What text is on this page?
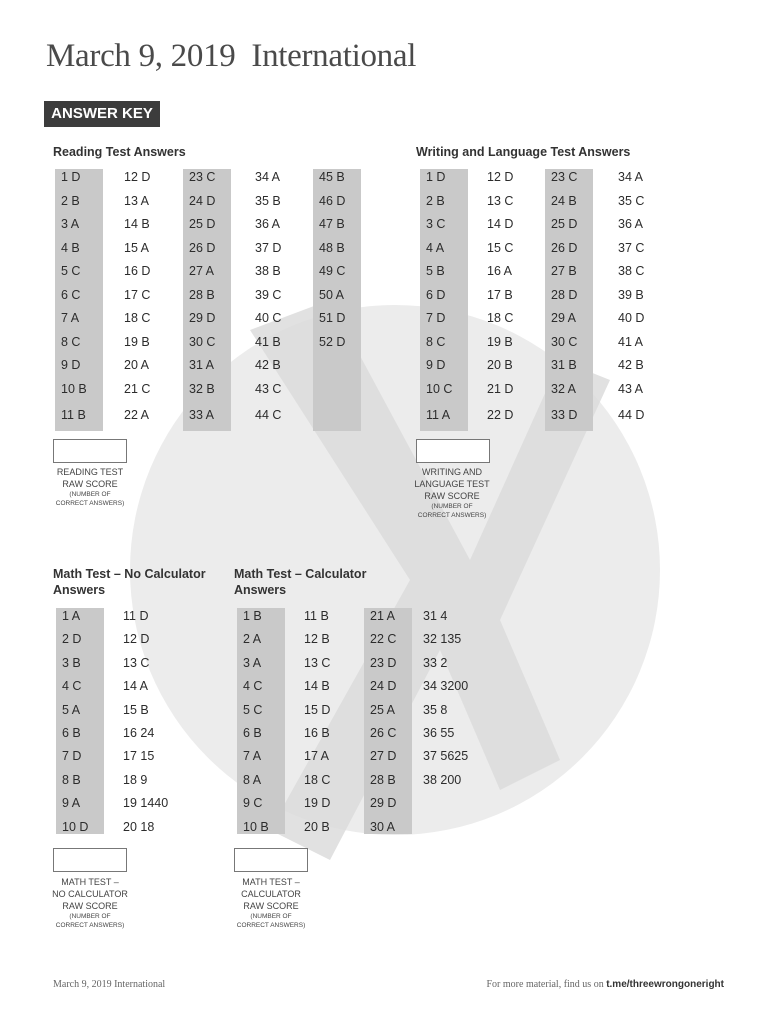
March 9, 2019  International
ANSWER KEY
Reading Test Answers
1 D
2 B
3 A
4 B
5 C
6 C
7 A
8 C
9 D
10 B
11 B
12 D
13 A
14 B
15 A
16 D
17 C
18 C
19 B
20 A
21 C
22 A
23 C
24 D
25 D
26 D
27 A
28 B
29 D
30 C
31 A
32 B
33 A
34 A
35 B
36 A
37 D
38 B
39 C
40 C
41 B
42 B
43 C
44 C
45 B
46 D
47 B
48 B
49 C
50 A
51 D
52 D
Writing and Language Test Answers
1 D
2 B
3 C
4 A
5 B
6 D
7 D
8 C
9 D
10 C
11 A
12 D
13 C
14 D
15 C
16 A
17 B
18 C
19 B
20 B
21 D
22 D
23 C
24 B
25 D
26 D
27 B
28 D
29 A
30 C
31 B
32 A
33 D
34 A
35 C
36 A
37 C
38 C
39 B
40 D
41 A
42 B
43 A
44 D
Math Test – No Calculator
Answers
1 A
2 D
3 B
4 C
5 A
6 B
7 D
8 B
9 A
10 D
11 D
12 D
13 C
14 A
15 B
16 24
17 15
18 9
19 1440
20 18
Math Test – Calculator
Answers
1 B
2 A
3 A
4 C
5 C
6 B
7 A
8 A
9 C
10 B
11 B
12 B
13 C
14 B
15 D
16 B
17 A
18 C
19 D
20 B
21 A
22 C
23 D
24 D
25 A
26 C
27 D
28 B
29 D
30 A
31 4
32 135
33 2
34 3200
35 8
36 55
37 5625
38 200
READING TEST
RAW SCORE
(NUMBER OF
CORRECT ANSWERS)
WRITING AND
LANGUAGE TEST
RAW SCORE
(NUMBER OF
CORRECT ANSWERS)
MATH TEST –
NO CALCULATOR
RAW SCORE
(NUMBER OF
CORRECT ANSWERS)
MATH TEST –
CALCULATOR
RAW SCORE
(NUMBER OF
CORRECT ANSWERS)
March 9, 2019 International	For more material, find us on t.me/threewrongoneright
